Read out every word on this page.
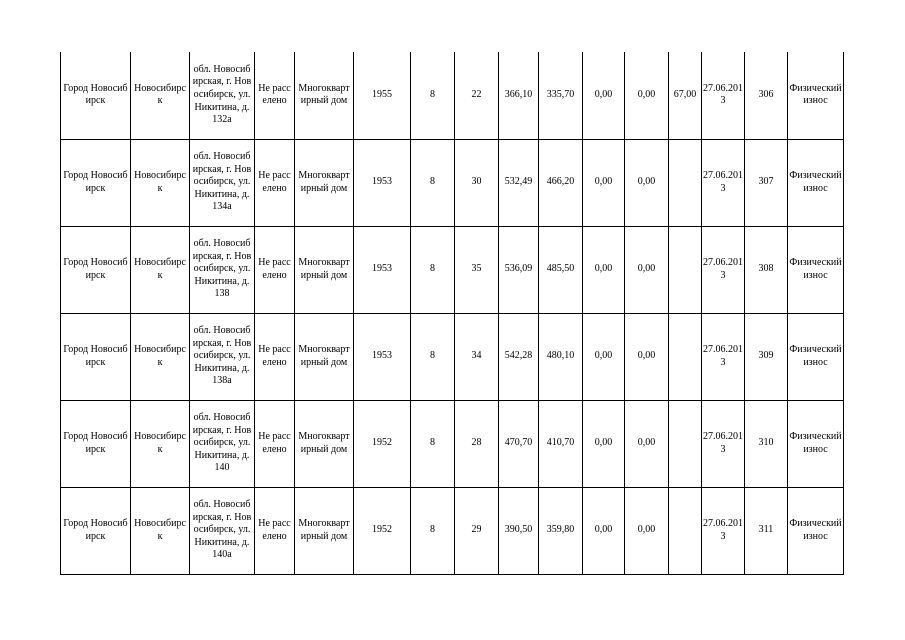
Город Новосибирск	Новосибирск	обл. Новосибирская, г. Новосибирск, ул. Никитина, д. 132а	Не расселено	Многоквартирный дом	1955	8	22	366,10	335,70	0,00	0,00	67,00	27.06.2013	306	Физический износ
Город Новосибирск	Новосибирск	обл. Новосибирская, г. Новосибирск, ул. Никитина, д. 134а	Не расселено	Многоквартирный дом	1953	8	30	532,49	466,20	0,00	0,00		27.06.2013	307	Физический износ
Город Новосибирск	Новосибирск	обл. Новосибирская, г. Новосибирск, ул. Никитина, д. 138	Не расселено	Многоквартирный дом	1953	8	35	536,09	485,50	0,00	0,00		27.06.2013	308	Физический износ
Город Новосибирск	Новосибирск	обл. Новосибирская, г. Новосибирск, ул. Никитина, д. 138а	Не расселено	Многоквартирный дом	1953	8	34	542,28	480,10	0,00	0,00		27.06.2013	309	Физический износ
Город Новосибирск	Новосибирск	обл. Новосибирская, г. Новосибирск, ул. Никитина, д. 140	Не расселено	Многоквартирный дом	1952	8	28	470,70	410,70	0,00	0,00		27.06.2013	310	Физический износ
Город Новосибирск	Новосибирск	обл. Новосибирская, г. Новосибирск, ул. Никитина, д. 140а	Не расселено	Многоквартирный дом	1952	8	29	390,50	359,80	0,00	0,00		27.06.2013	311	Физический износ
